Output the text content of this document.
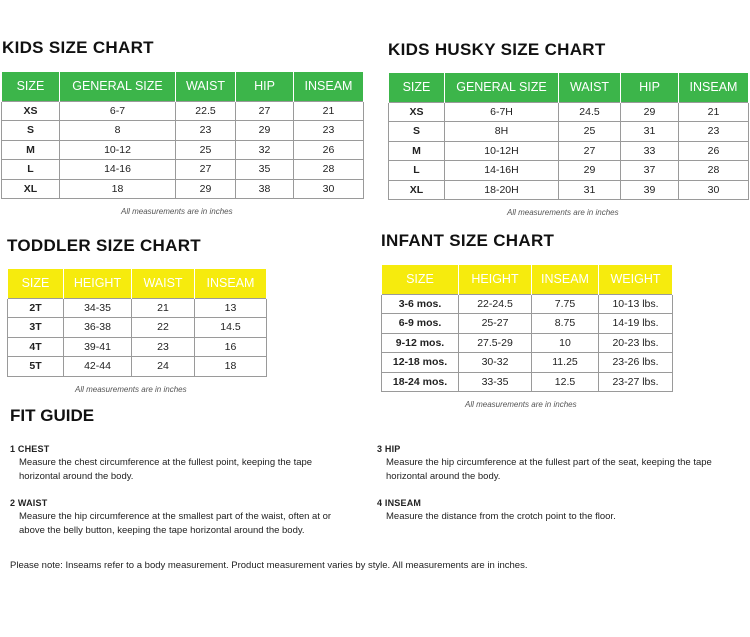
KIDS SIZE CHART
SIZE	GENERAL SIZE	WAIST	HIP	INSEAM
XS	6-7	22.5	27	21
S	8	23	29	23
M	10-12	25	32	26
L	14-16	27	35	28
XL	18	29	38	30
All measurements are in inches
KIDS HUSKY SIZE CHART
SIZE	GENERAL SIZE	WAIST	HIP	INSEAM
XS	6-7H	24.5	29	21
S	8H	25	31	23
M	10-12H	27	33	26
L	14-16H	29	37	28
XL	18-20H	31	39	30
All measurements are in inches
TODDLER SIZE CHART
SIZE	HEIGHT	WAIST	INSEAM
2T	34-35	21	13
3T	36-38	22	14.5
4T	39-41	23	16
5T	42-44	24	18
All measurements are in inches
INFANT SIZE CHART
SIZE	HEIGHT	INSEAM	WEIGHT
3-6 mos.	22-24.5	7.75	10-13 lbs.
6-9 mos.	25-27	8.75	14-19 lbs.
9-12 mos.	27.5-29	10	20-23 lbs.
12-18 mos.	30-32	11.25	23-26 lbs.
18-24 mos.	33-35	12.5	23-27 lbs.
All measurements are in inches
FIT GUIDE
1 CHEST
Measure the chest circumference at the fullest point, keeping the tape horizontal around the body.
2 WAIST
Measure the hip circumference at the smallest part of the waist, often at or above the belly button, keeping the tape horizontal around the body.
3 HIP
Measure the hip circumference at the fullest part of the seat, keeping the tape horizontal around the body.
4 INSEAM
Measure the distance from the crotch point to the floor.
Please note: Inseams refer to a body measurement. Product measurement varies by style. All measurements are in inches.
